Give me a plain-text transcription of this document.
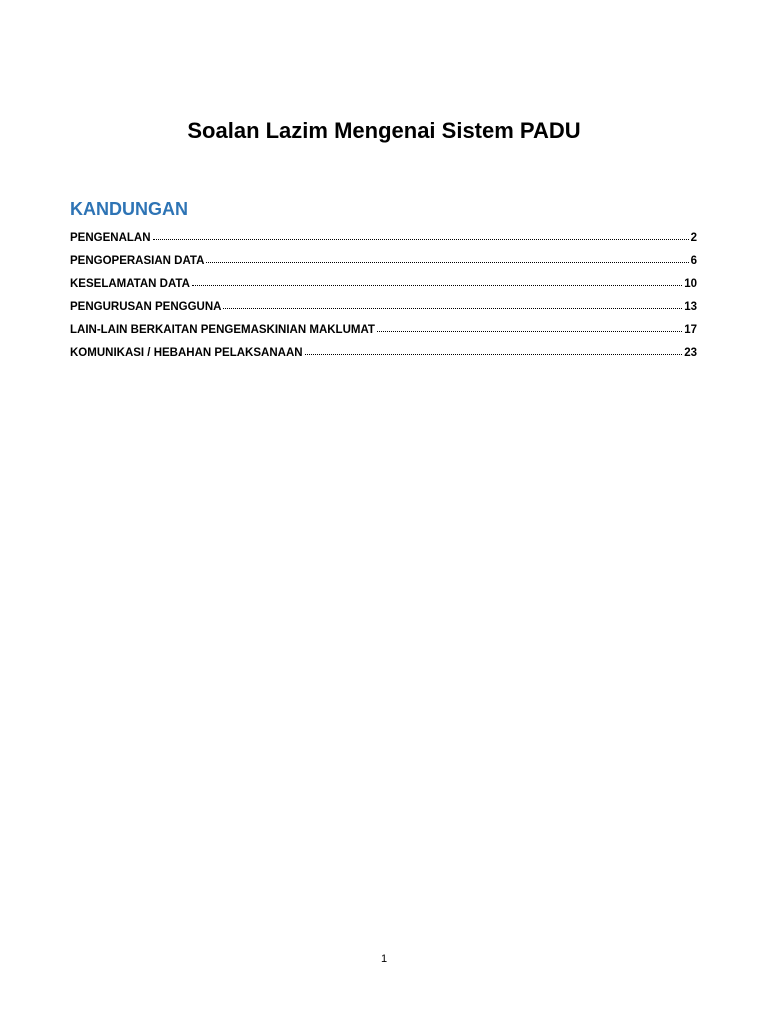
Soalan Lazim Mengenai Sistem PADU
KANDUNGAN
PENGENALAN	2
PENGOPERASIAN DATA	6
KESELAMATAN DATA	10
PENGURUSAN PENGGUNA	13
LAIN-LAIN BERKAITAN PENGEMASKINIAN MAKLUMAT	17
KOMUNIKASI / HEBAHAN PELAKSANAAN	23
1
